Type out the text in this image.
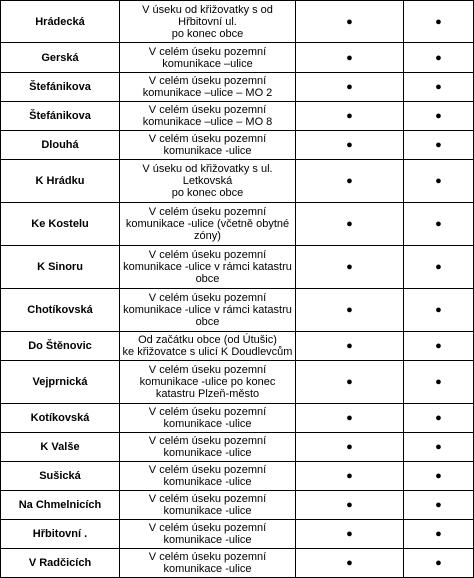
Hrádecká	V úseku od křižovatky s od
Hřbitovní ul.
po konec obce	●	●
Gerská	V celém úseku pozemní
komunikace –ulice	●	●
Štefánikova	V celém úseku pozemní
komunikace –ulice – MO 2	●	●
Štefánikova	V celém úseku pozemní
komunikace –ulice – MO 8	●	●
Dlouhá	V celém úseku pozemní
komunikace -ulice	●	●
K Hrádku	V úseku od křižovatky s ul.
Letkovská
po konec obce	●	●
Ke Kostelu	V celém úseku pozemní
komunikace -ulice (včetně obytné
zóny)	●	●
K Sinoru	V celém úseku pozemní
komunikace -ulice v rámci katastru
obce	●	●
Chotíkovská	V celém úseku pozemní
komunikace -ulice v rámci katastru
obce	●	●
Do Štěnovic	Od začátku obce (od Útušic)
ke křižovatce s ulicí K Doudlevcům	●	●
Vejprnická	V celém úseku pozemní
komunikace -ulice po konec
katastru Plzeň-město	●	●
Kotíkovská	V celém úseku pozemní
komunikace -ulice	●	●
K Valše	V celém úseku pozemní
komunikace -ulice	●	●
Sušická	V celém úseku pozemní
komunikace -ulice	●	●
Na Chmelnicích	V celém úseku pozemní
komunikace -ulice	●	●
Hřbitovní .	V celém úseku pozemní
komunikace -ulice	●	●
V Radčicích	V celém úseku pozemní
komunikace -ulice	●	●
